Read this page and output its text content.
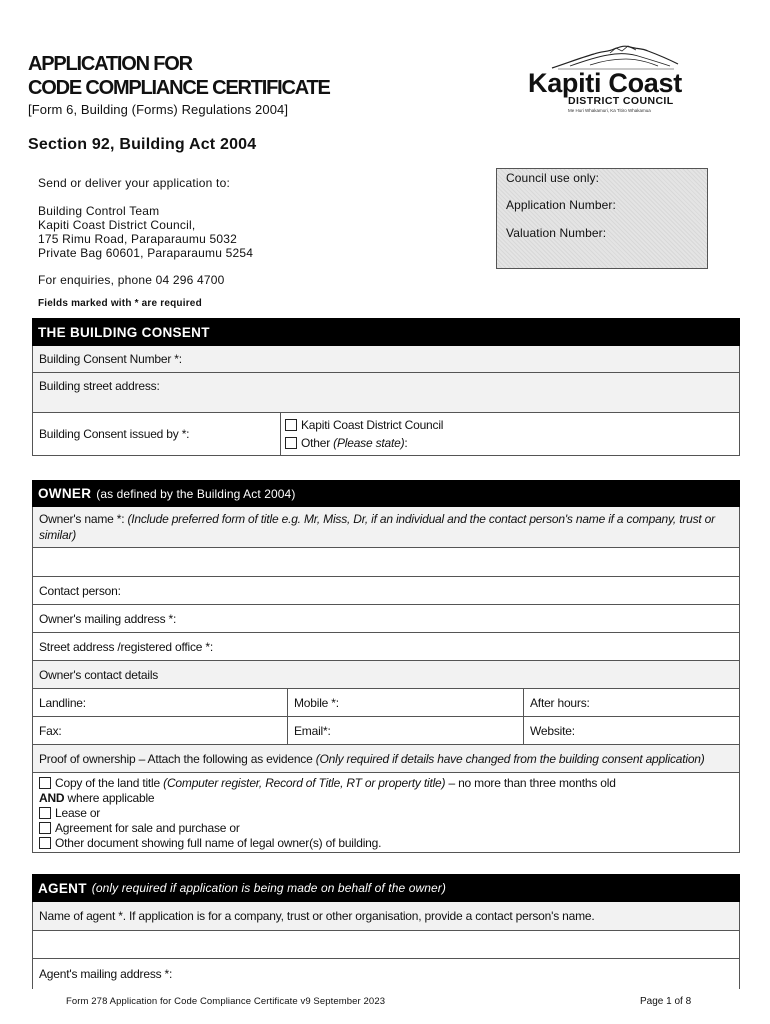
APPLICATION FOR
CODE COMPLIANCE CERTIFICATE
[Form 6, Building (Forms) Regulations 2004]
Kapiti Coast
DISTRICT COUNCIL
Me Huri Whakamuri, Ka Titiro Whakamua
Section 92, Building Act 2004
Send or deliver your application to:
Building Control Team
Kapiti Coast District Council,
175 Rimu Road, Paraparaumu 5032
Private Bag 60601, Paraparaumu 5254
For enquiries, phone 04 296 4700
Fields marked with * are required
Council use only:
Application Number:
Valuation Number:
THE BUILDING CONSENT
Building Consent Number *:
Building street address:
Building Consent issued by *:
Kapiti Coast District Council
Other (Please state):
OWNER (as defined by the Building Act 2004)
Owner's name *: (Include preferred form of title e.g. Mr, Miss, Dr, if an individual and the contact person's name if a company, trust or similar)
Contact person:
Owner's mailing address *:
Street address /registered office *:
Owner's contact details
Landline:	Mobile *:	After hours:
Fax:	Email*:	Website:
Proof of ownership – Attach the following as evidence (Only required if details have changed from the building consent application)
Copy of the land title (Computer register, Record of Title, RT or property title) – no more than three months old
AND where applicable
Lease or
Agreement for sale and purchase or
Other document showing full name of legal owner(s) of building.
AGENT (only required if application is being made on behalf of the owner)
Name of agent *. If application is for a company, trust or other organisation, provide a contact person's name.
Agent's mailing address *:
Form 278 Application for Code Compliance Certificate v9 September 2023	Page 1 of 8
